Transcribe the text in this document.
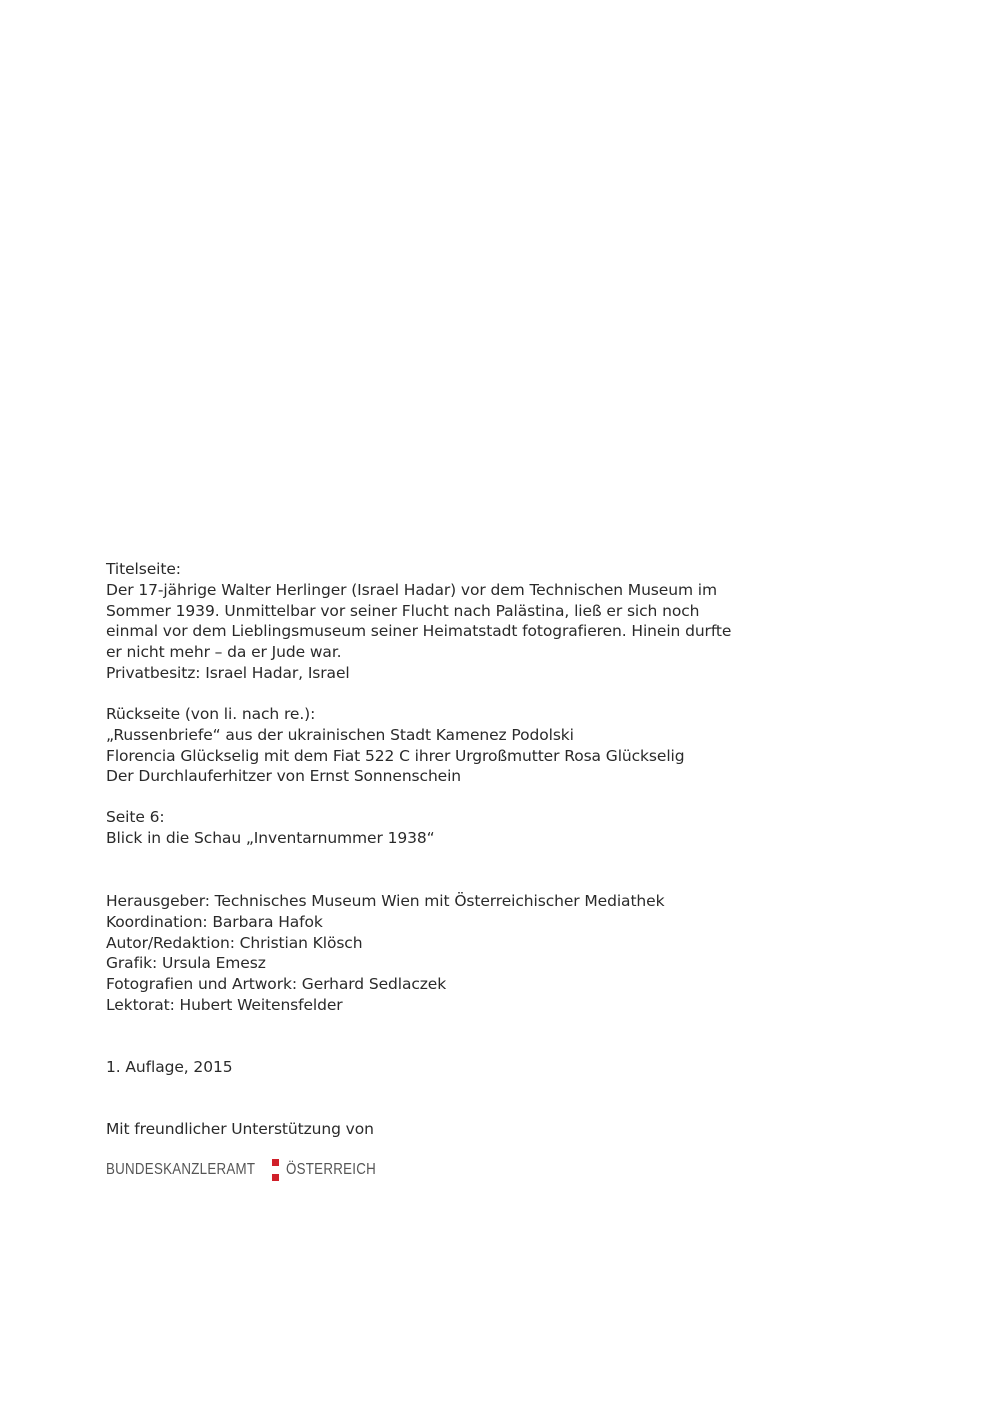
Titelseite:
Der 17-jährige Walter Herlinger (Israel Hadar) vor dem Technischen Museum im
Sommer 1939. Unmittelbar vor seiner Flucht nach Palästina, ließ er sich noch
einmal vor dem Lieblingsmuseum seiner Heimatstadt fotografieren. Hinein durfte
er nicht mehr – da er Jude war.
Privatbesitz: Israel Hadar, Israel
Rückseite (von li. nach re.):
„Russenbriefe“ aus der ukrainischen Stadt Kamenez Podolski
Florencia Glückselig mit dem Fiat 522 C ihrer Urgroßmutter Rosa Glückselig
Der Durchlauferhitzer von Ernst Sonnenschein
Seite 6:
Blick in die Schau „Inventarnummer 1938“
Herausgeber: Technisches Museum Wien mit Österreichischer Mediathek
Koordination: Barbara Hafok
Autor/Redaktion: Christian Klösch
Grafik: Ursula Emesz
Fotografien und Artwork: Gerhard Sedlaczek
Lektorat: Hubert Weitensfelder
1. Auflage, 2015
Mit freundlicher Unterstützung von
BUNDESKANZLERAMT ÖSTERREICH
